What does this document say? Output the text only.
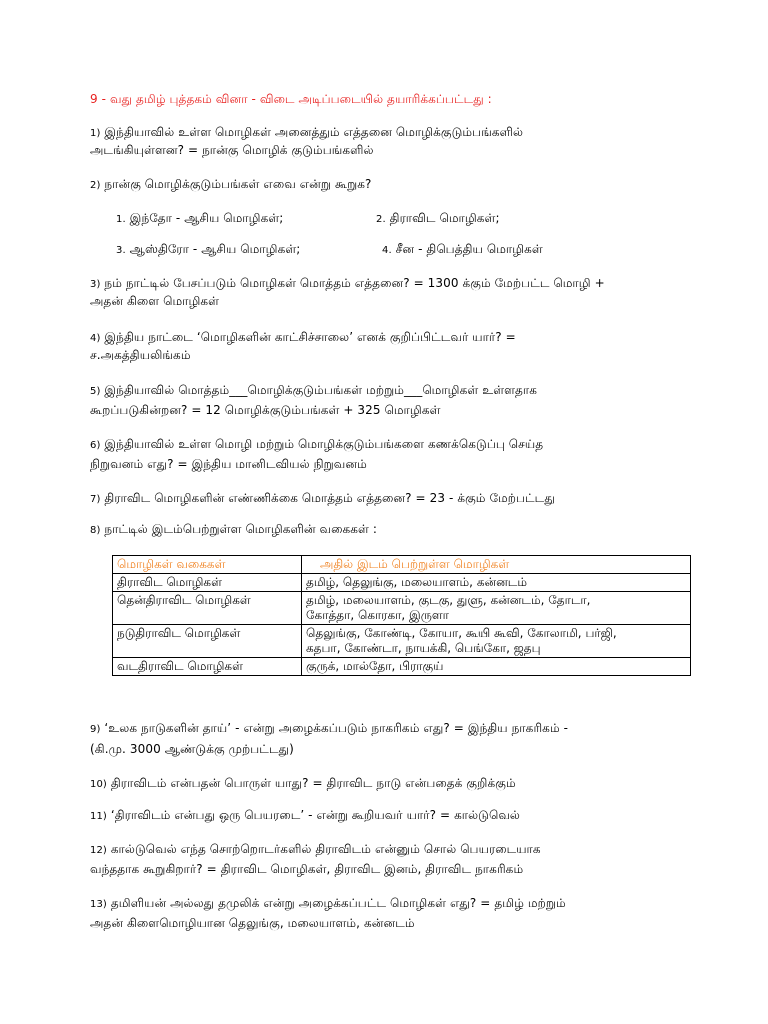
9 - வது தமிழ் புத்தகம் வினா - விடை அடிப்படையில் தயாரிக்கப்பட்டது :
1) இந்தியாவில் உள்ள மொழிகள் அனைத்தும் எத்தனை மொழிக்குடும்பங்களில்
அடங்கியுள்ளன? = நான்கு மொழிக் குடும்பங்களில்
2) நான்கு மொழிக்குடும்பங்கள் எவை என்று கூறுக?
1. இந்தோ - ஆசிய மொழிகள்;	2. திராவிட மொழிகள்;
3. ஆஸ்திரோ - ஆசிய மொழிகள்;	4. சீன - திபெத்திய மொழிகள்
3) நம் நாட்டில் பேசப்படும் மொழிகள் மொத்தம் எத்தனை? = 1300 க்கும் மேற்பட்ட மொழி +
அதன் கிளை மொழிகள்
4) இந்திய நாட்டை ‘மொழிகளின் காட்சிச்சாலை’ எனக் குறிப்பிட்டவர் யார்? =
ச.அகத்தியலிங்கம்
5) இந்தியாவில் மொத்தம்___மொழிக்குடும்பங்கள் மற்றும்___மொழிகள் உள்ளதாக
கூறப்படுகின்றன? = 12 மொழிக்குடும்பங்கள் + 325 மொழிகள்
6) இந்தியாவில் உள்ள மொழி மற்றும் மொழிக்குடும்பங்களை கணக்கெடுப்பு செய்த
நிறுவனம் எது? = இந்திய மானிடவியல் நிறுவனம்
7) திராவிட மொழிகளின் எண்ணிக்கை மொத்தம் எத்தனை? = 23 - க்கும் மேற்பட்டது
8) நாட்டில் இடம்பெற்றுள்ள மொழிகளின் வகைகள் :
மொழிகள் வகைகள்	அதில் இடம் பெற்றுள்ள மொழிகள்
திராவிட மொழிகள்	தமிழ், தெலுங்கு, மலையாளம், கன்னடம்
தென்திராவிட மொழிகள்	தமிழ், மலையாளம், குடகு, துளு, கன்னடம், தோடா,
கோத்தா, கொரகா, இருளா
நடுதிராவிட மொழிகள்	தெலுங்கு, கோண்டி, கோயா, கூயி கூவி, கோலாமி, பர்ஜி,
கதபா, கோண்டா, நாயக்கி, பெங்கோ, ஜதபு
வடதிராவிட மொழிகள்	குருக், மால்தோ, பிராகுய்
9) ‘உலக நாடுகளின் தாய்’ - என்று அழைக்கப்படும் நாகரிகம் எது? = இந்திய நாகரிகம் -
(கி.மு. 3000 ஆண்டுக்கு முற்பட்டது)
10) திராவிடம் என்பதன் பொருள் யாது? = திராவிட நாடு என்பதைக் குறிக்கும்
11) ‘திராவிடம் என்பது ஒரு பெயரடை’ - என்று கூறியவர் யார்? = கால்டுவெல்
12) கால்டுவெல் எந்த சொற்றொடர்களில் திராவிடம் என்னும் சொல் பெயரடையாக
வந்ததாக கூறுகிறார்? = திராவிட மொழிகள், திராவிட இனம், திராவிட நாகரிகம்
13) தமிளியன் அல்லது தமுலிக் என்று அழைக்கப்பட்ட மொழிகள் எது? = தமிழ் மற்றும்
அதன் கிளைமொழியான தெலுங்கு, மலையாளம், கன்னடம்
